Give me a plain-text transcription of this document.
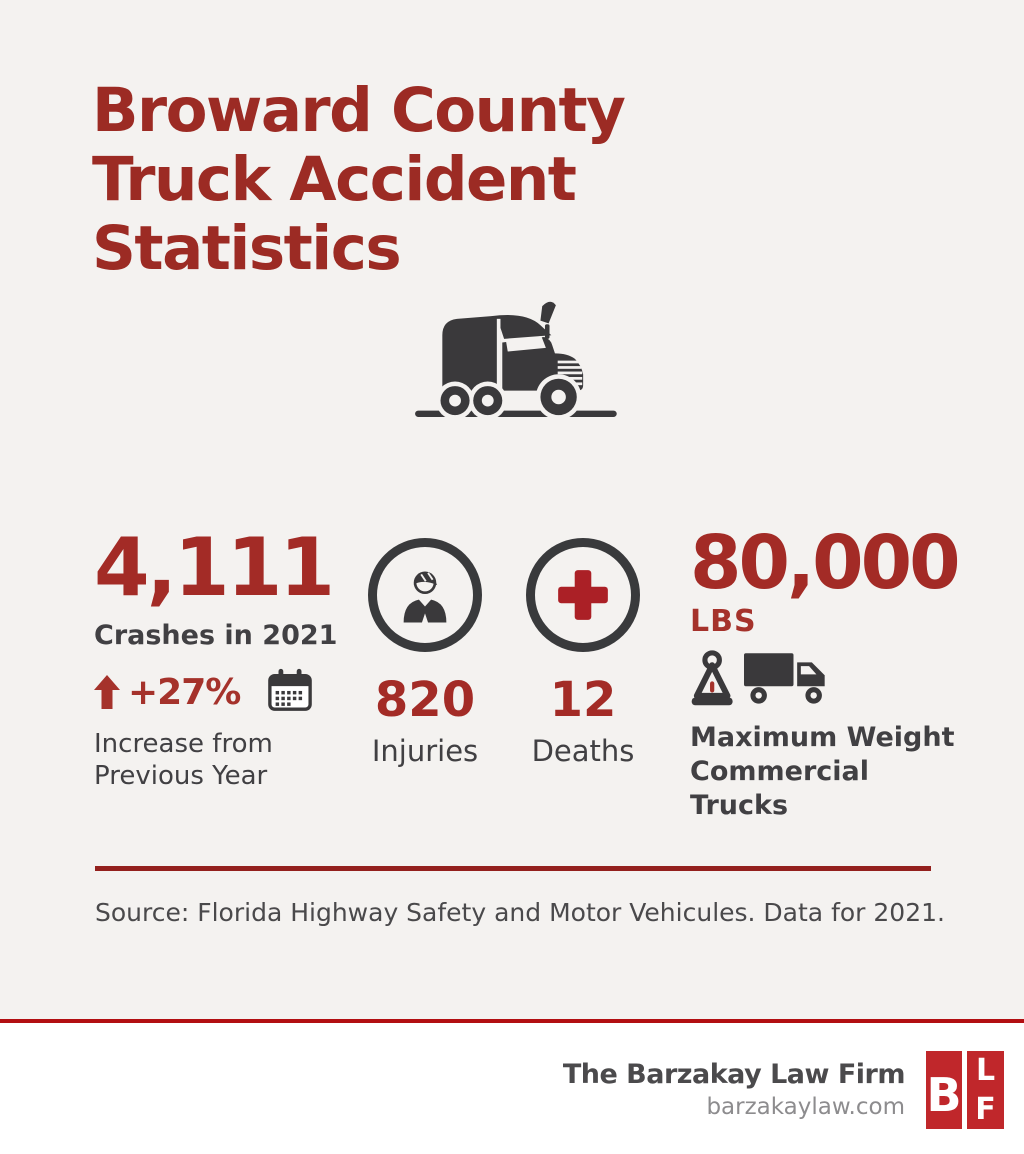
Broward County
Truck Accident
Statistics
4,111
Crashes in 2021
+27%
Increase from
Previous Year
820
Injuries
12
Deaths
80,000
LBS
Maximum Weight
Commercial Trucks
Source: Florida Highway Safety and Motor Vehicules. Data for 2021.
The Barzakay Law Firm
barzakaylaw.com B L
F
